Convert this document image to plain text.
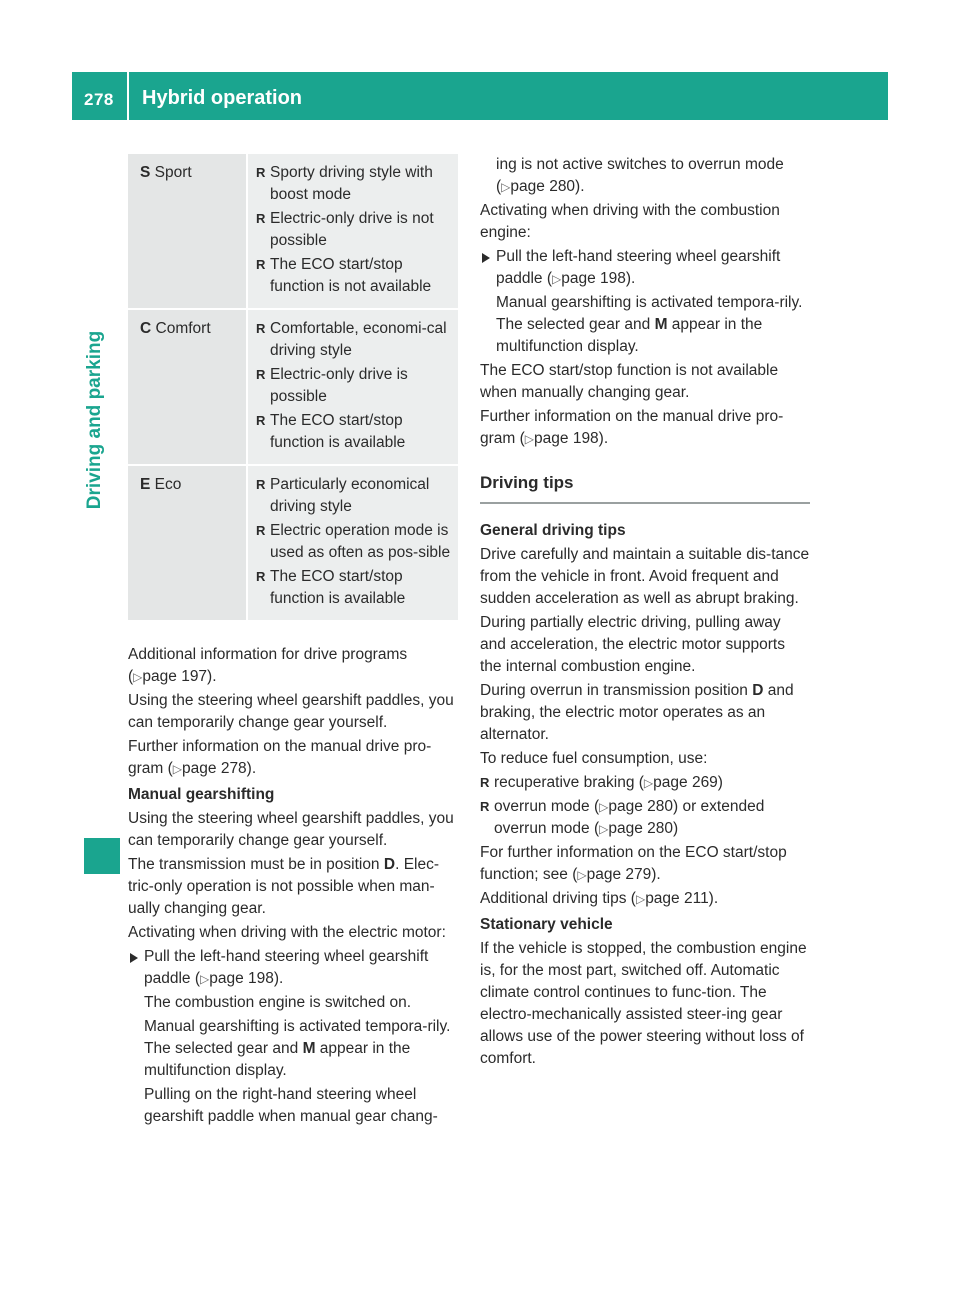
278 Hybrid operation
Driving and parking
S Sport	R Sporty driving style with boost mode
R Electric-only drive is not possible
R The ECO start/stop function is not available
C Comfort	R Comfortable, economi-cal driving style
R Electric-only drive is possible
R The ECO start/stop function is available
E Eco	R Particularly economical driving style
R Electric operation mode is used as often as pos-sible
R The ECO start/stop function is available

Additional information for drive programs (▷page 197).

Using the steering wheel gearshift paddles, you can temporarily change gear yourself.

Further information on the manual drive pro-gram (▷page 278).

Manual gearshifting

Using the steering wheel gearshift paddles, you can temporarily change gear yourself.

The transmission must be in position D. Elec-tric-only operation is not possible when man-ually changing gear.

Activating when driving with the electric motor:

Pull the left-hand steering wheel gearshift paddle (▷page 198).

The combustion engine is switched on.

Manual gearshifting is activated tempora-rily. The selected gear and M appear in the multifunction display.

Pulling on the right-hand steering wheel gearshift paddle when manual gear chang-

ing is not active switches to overrun mode (▷page 280).

Activating when driving with the combustion engine:

Pull the left-hand steering wheel gearshift paddle (▷page 198).

Manual gearshifting is activated tempora-rily. The selected gear and M appear in the multifunction display.

The ECO start/stop function is not available when manually changing gear.

Further information on the manual drive pro-gram (▷page 198).

Driving tips

General driving tips

Drive carefully and maintain a suitable dis-tance from the vehicle in front. Avoid frequent and sudden acceleration as well as abrupt braking.

During partially electric driving, pulling away and acceleration, the electric motor supports the internal combustion engine.

During overrun in transmission position D and braking, the electric motor operates as an alternator.

To reduce fuel consumption, use:

R recuperative braking (▷page 269)
R overrun mode (▷page 280) or extended overrun mode (▷page 280)

For further information on the ECO start/stop function; see (▷page 279).

Additional driving tips (▷page 211).

Stationary vehicle

If the vehicle is stopped, the combustion engine is, for the most part, switched off. Automatic climate control continues to func-tion. The electro-mechanically assisted steer-ing gear allows use of the power steering without loss of comfort.
